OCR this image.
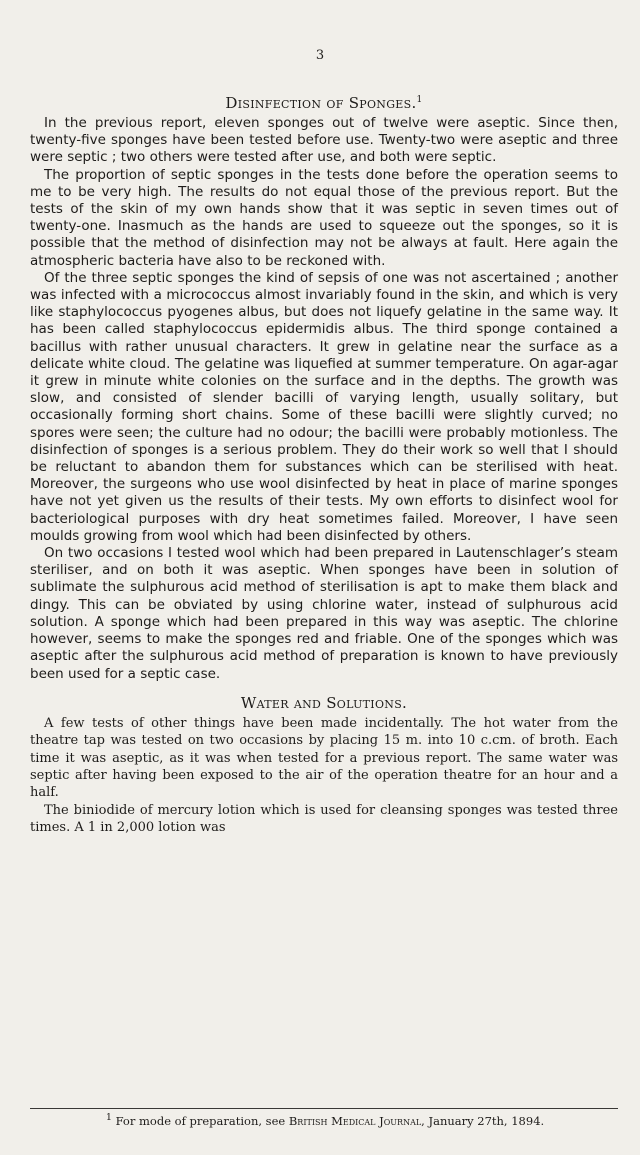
3
Disinfection of Sponges.$^1$

In the previous report, eleven sponges out of twelve were aseptic. Since then, twenty-five sponges have been tested before use. Twenty-two were aseptic and three were septic ; two others were tested after use, and both were septic.

The proportion of septic sponges in the tests done before the operation seems to me to be very high. The results do not equal those of the previous report. But the tests of the skin of my own hands show that it was septic in seven times out of twenty-one. Inasmuch as the hands are used to squeeze out the sponges, so it is possible that the method of disinfection may not be always at fault. Here again the atmospheric bacteria have also to be reckoned with.

Of the three septic sponges the kind of sepsis of one was not ascertained ; another was infected with a micrococcus almost invariably found in the skin, and which is very like staphylococcus pyogenes albus, but does not liquefy gelatine in the same way. It has been called staphylococcus epidermidis albus. The third sponge contained a bacillus with rather unusual characters. It grew in gelatine near the surface as a delicate white cloud. The gelatine was liquefied at summer temperature. On agar-agar it grew in minute white colonies on the surface and in the depths. The growth was slow, and consisted of slender bacilli of varying length, usually solitary, but occasionally forming short chains. Some of these bacilli were slightly curved; no spores were seen; the culture had no odour; the bacilli were probably motionless. The disinfection of sponges is a serious problem. They do their work so well that I should be reluctant to abandon them for substances which can be sterilised with heat. Moreover, the surgeons who use wool disinfected by heat in place of marine sponges have not yet given us the results of their tests. My own efforts to disinfect wool for bacteriological purposes with dry heat sometimes failed. Moreover, I have seen moulds growing from wool which had been disinfected by others.

On two occasions I tested wool which had been prepared in Lautenschlager’s steam steriliser, and on both it was aseptic. When sponges have been in solution of sublimate the sulphurous acid method of sterilisation is apt to make them black and dingy. This can be obviated by using chlorine water, instead of sulphurous acid solution. A sponge which had been prepared in this way was aseptic. The chlorine however, seems to make the sponges red and friable. One of the sponges which was aseptic after the sulphurous acid method of preparation is known to have previously been used for a septic case.

Water and Solutions.

A few tests of other things have been made incidentally. The hot water from the theatre tap was tested on two occasions by placing 15 m. into 10 c.cm. of broth. Each time it was aseptic, as it was when tested for a previous report. The same water was septic after having been exposed to the air of the operation theatre for an hour and a half.

The biniodide of mercury lotion which is used for cleansing sponges was tested three times. A 1 in 2,000 lotion was

$^1$ For mode of preparation, see British Medical Journal, January 27th, 1894.
